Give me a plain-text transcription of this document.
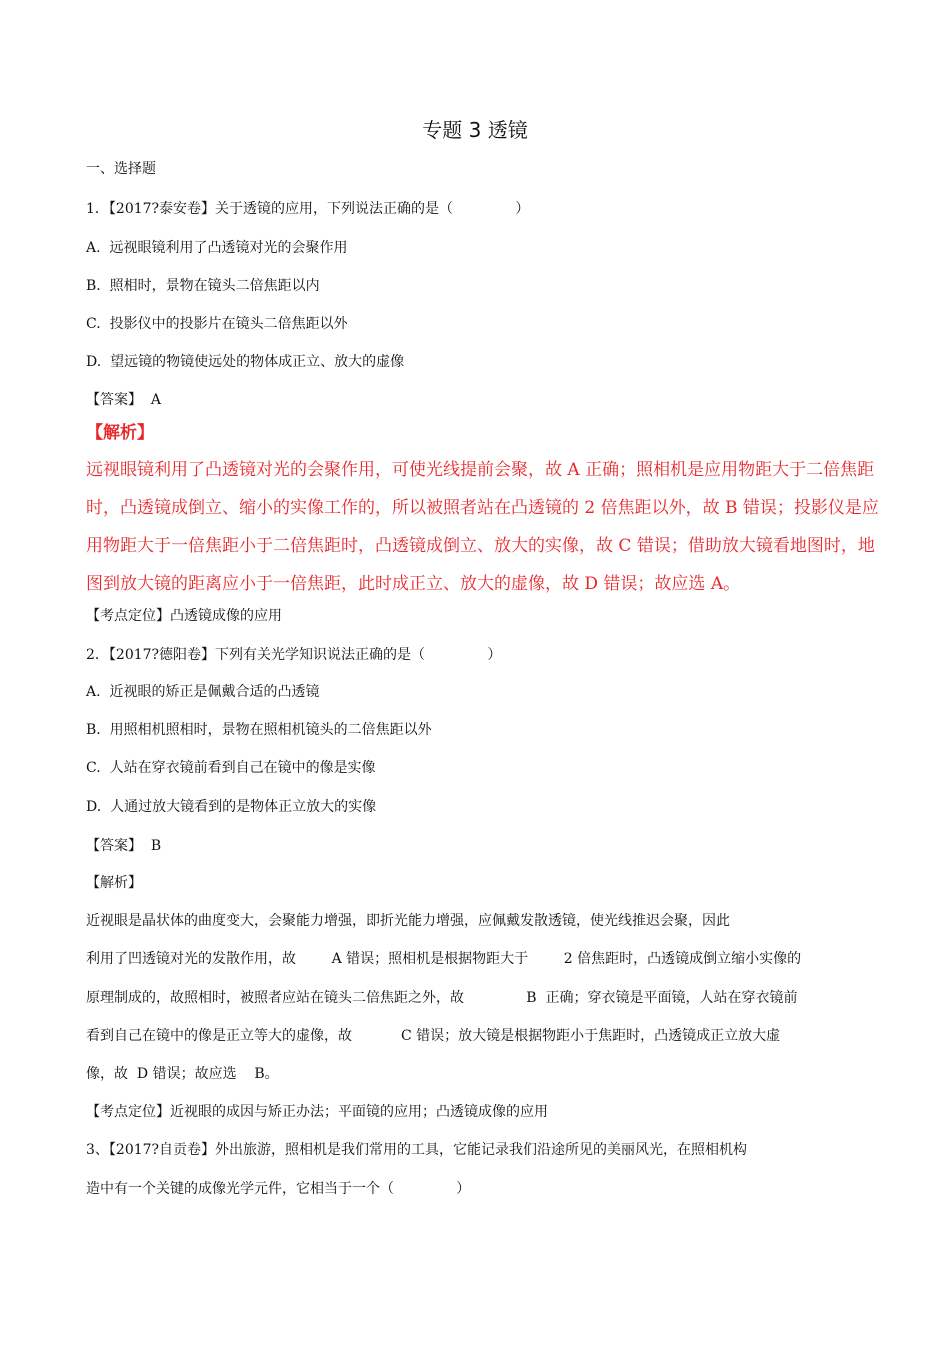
专题 3 透镜
一、选择题
1．【2017?泰安卷】关于透镜的应用，下列说法正确的是（              ）
A.  远视眼镜利用了凸透镜对光的会聚作用
B.  照相时，景物在镜头二倍焦距以内
C.  投影仪中的投影片在镜头二倍焦距以外
D.  望远镜的物镜使远处的物体成正立、放大的虚像
【答案】  A
【解析】
远视眼镜利用了凸透镜对光的会聚作用，可使光线提前会聚，故 A 正确；照相机是应用物距大于二倍焦距
时，凸透镜成倒立、缩小的实像工作的，所以被照者站在凸透镜的 2 倍焦距以外，故 B 错误；投影仪是应
用物距大于一倍焦距小于二倍焦距时，凸透镜成倒立、放大的实像，故 C 错误；借助放大镜看地图时，地
图到放大镜的距离应小于一倍焦距，此时成正立、放大的虚像，故 D 错误；故应选 A。
【考点定位】凸透镜成像的应用
2．【2017?德阳卷】下列有关光学知识说法正确的是（              ）
A.  近视眼的矫正是佩戴合适的凸透镜
B.  用照相机照相时，景物在照相机镜头的二倍焦距以外
C.  人站在穿衣镜前看到自己在镜中的像是实像
D.  人通过放大镜看到的是物体正立放大的实像
【答案】  B
【解析】
近视眼是晶状体的曲度变大，会聚能力增强，即折光能力增强，应佩戴发散透镜，使光线推迟会聚，因此
利用了凹透镜对光的发散作用，故        A 错误；照相机是根据物距大于        2 倍焦距时，凸透镜成倒立缩小实像的
原理制成的，故照相时，被照者应站在镜头二倍焦距之外，故              B  正确；穿衣镜是平面镜，人站在穿衣镜前
看到自己在镜中的像是正立等大的虚像，故           C 错误；放大镜是根据物距小于焦距时，凸透镜成正立放大虚
像，故  D 错误；故应选    B。
【考点定位】近视眼的成因与矫正办法；平面镜的应用；凸透镜成像的应用
3、【2017?自贡卷】外出旅游，照相机是我们常用的工具，它能记录我们沿途所见的美丽风光，在照相机构
造中有一个关键的成像光学元件，它相当于一个（              ）
